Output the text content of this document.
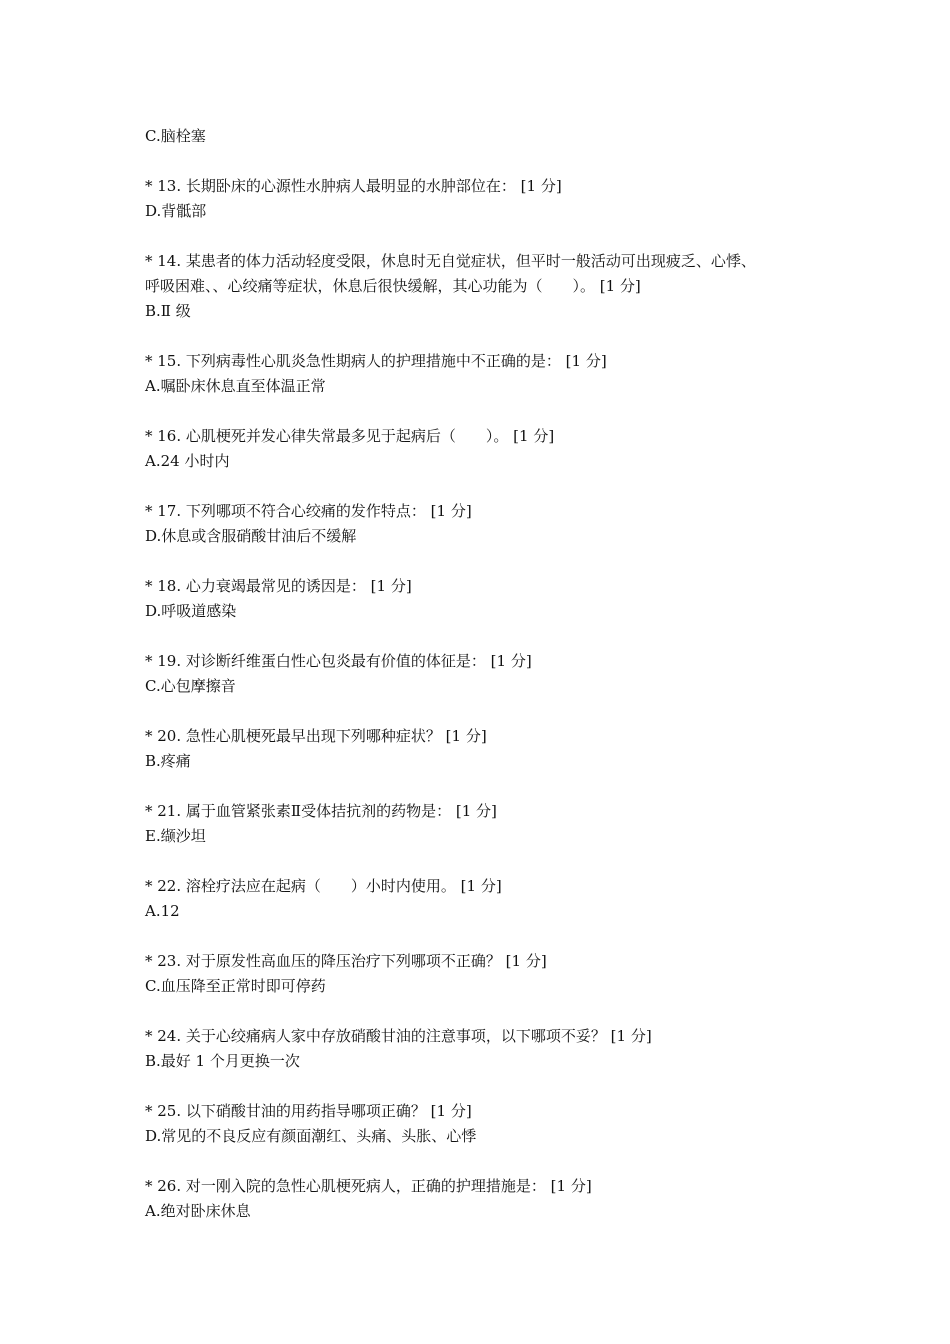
C.脑栓塞

* 13. 长期卧床的心源性水肿病人最明显的水肿部位在： [1 分]

D.背骶部

* 14. 某患者的体力活动轻度受限，休息时无自觉症状，但平时一般活动可出现疲乏、心悸、

呼吸困难、、心绞痛等症状，休息后很快缓解，其心功能为（　　）。 [1 分]

B.Ⅱ 级

* 15. 下列病毒性心肌炎急性期病人的护理措施中不正确的是： [1 分]

A.嘱卧床休息直至体温正常

* 16. 心肌梗死并发心律失常最多见于起病后（　　）。 [1 分]

A.24 小时内

* 17. 下列哪项不符合心绞痛的发作特点： [1 分]

D.休息或含服硝酸甘油后不缓解

* 18. 心力衰竭最常见的诱因是： [1 分]

D.呼吸道感染

* 19. 对诊断纤维蛋白性心包炎最有价值的体征是： [1 分]

C.心包摩擦音

* 20. 急性心肌梗死最早出现下列哪种症状？ [1 分]

B.疼痛

* 21. 属于血管紧张素Ⅱ受体拮抗剂的药物是： [1 分]

E.缬沙坦

* 22. 溶栓疗法应在起病（　　）小时内使用。 [1 分]

A.12

* 23. 对于原发性高血压的降压治疗下列哪项不正确？ [1 分]

C.血压降至正常时即可停药

* 24. 关于心绞痛病人家中存放硝酸甘油的注意事项，以下哪项不妥？ [1 分]

B.最好 1 个月更换一次

* 25. 以下硝酸甘油的用药指导哪项正确？ [1 分]

D.常见的不良反应有颜面潮红、头痛、头胀、心悸

* 26. 对一刚入院的急性心肌梗死病人，正确的护理措施是： [1 分]

A.绝对卧床休息
